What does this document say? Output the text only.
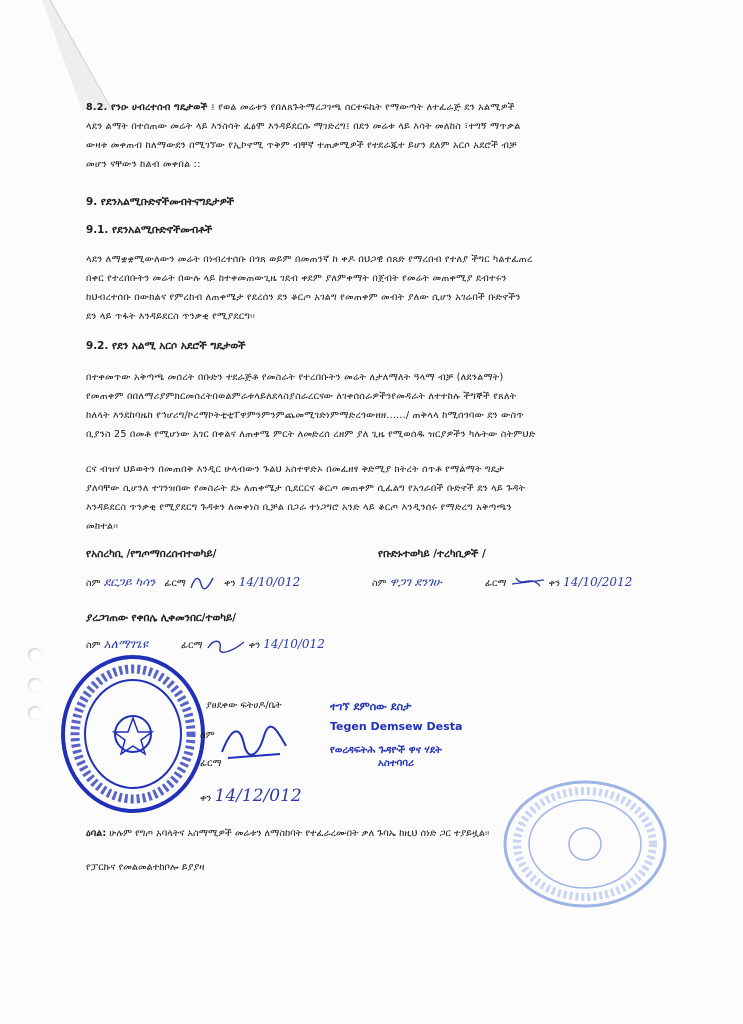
8.2. የንዑ ሀብረተሰብ ግዴታወች ፤ የወል መሬቱን የበለጸጉትማረጋገጫ ሰርተፍኬት የማውጣት ለተፈራጅ ደን አልሚዎች
ላደን ልማት በተሰጠው መሬት ላይ እንስሳት ፈፅሞ እንዳይደርሱ ማገድረግ፤ በደን መሬቱ ላይ እሳት መለከስ ፣ተግኝ ማጥቃል
ውዛቱ መቀጠብ ከለማውደን በሚገኘው የኢኮኖሚ ጥቅም ብቸኛ ተጠቃሚዎች የተደራጁተ ይሆን ደለም አርሶ አደሮች ብቻ
መሆን ናቸውን ከልብ መቀበል ::
9. የደንአልሚቡድኖችመብትናግዴታዎች
9.1. የደንአልሚቡድኖችመብቶች
ላደን ለማቋቋሚውለውን መሬት በነብረተሰቡ በጎጸ ወይም በመጠንኛ ከ ቀዶ በህጋዊ ሰጸድ የማረበብ የተለያ ችግር ካልተፈጠረ
በቀር የተረበቡትን መሬት በውሉ ላይ ከተቀመጠውጊዜ ገደብ ቀደም ያለምቀማት በጀብት የመሬት መጠቀሚያ ደብተሩን
ከህብረተሰቡ በውክልና የምረከብ ለጠቀሜታ የደረሰን ደን ቆርጦ አገልግ የመጠቀም መብት ያለው ሲሆን አገሬበች ቡድኖችን
ደን ላይ ጥፋት እንዳይደርስ ጥንቃቂ የሚያደርግ፡፡
9.2. የደን አልሚ አርሶ አደሮች ግዴታወች
በተቀመጥው አቅጣጫ መሰረት በቡድን ተደራጅቶ የመስራት የተረበቡትን መሬት ለታለማለት ዓላማ ብቻ (ለደንልማት)
የመጠቀም በበለማሪያምክርመሰረትበወልምራቱላይለደላስያስራረርናው ለገቀሰሰራዎችንየመዳራት ለተተከሉ ችግኞች የጸለት
ከለላት እንደከባዜከ የኅሆሪግ/ኮረማኮትቲቲፐዋምንምንምጨመሚገድነምማድረጎውዘዘ....../ ጠቅላላ ከሚሰጎባው ደን ውስጥ
ቢያንስ 25 በመቶ የሚሆነው አገር በቀልና ለጠቀሜ ምርት ለመድረሰ ረዘም ያለ ጊዜ የሚወሰዱ ዝርያዎችን ካሉትው ስትምህድ
ርና ብዝሃ ህይወትን በመጠበቅ እንዲር ሁላብውን ጉልህ አስተዋድኦ በመፈዘፃ ቅድሚያ ክትረት ሰጥቶ የማልማት ግዴታ
ያለባቸው ሲሆንለ ተገንዝበው የመስራት ደኑ ለጠቀሜታ ሲደርርና ቆርጦ መጠቀም ሲፈልግ የአጎራበች ቡድኖች ደን ላይ ጉዳት
እንዳይደርስ ጥንቃቂ የሚያደርግ ጉዳቱን ለመቀነስ ቢቻል በጋራ ተነጋግሮ አንድ ላይ ቆርጦ እንዲንሰሩ የማድረግ አቅጣጫን
መከተል፡፡
የአስረካቢ /የግጦማበረሰብተወካይ/	የቡድኑተወካይ /ተረካቢዎች /
ስም ደርጋይ ካሳን ፊርማ	ቀን 14/10/012	ስም ዋጋገ ደንገሁ	ፊርማ	ቀን 14/10/2012
ያረጋገጠው የቀበሌ ሊቀመንበር/ተወካይ/
ስም አለማገጌዩ	ፊርማ	ቀን 14/10/012
ያፀደቀው ፍትሀዶ/ቤት
ስም
ፊርማ
ቀን 14/12/012
ተገኘ ደምሰው ደስታ
Tegen Demsew Desta
የወረዳፍትሕ ጉዳዮች ዋና ሃደት
አስተባባሪ
ዕባል: ሁሉም የግጦ አባላትና አስማሚዎች መሬቱን ለማስከባት የተፈራረሙበት ቃለ ጉባኤ ከዚህ ሰነድ ጋር ተያይዟል፡፡
የፓርኩና የመልመልተከቦሎ ይያያዛ
